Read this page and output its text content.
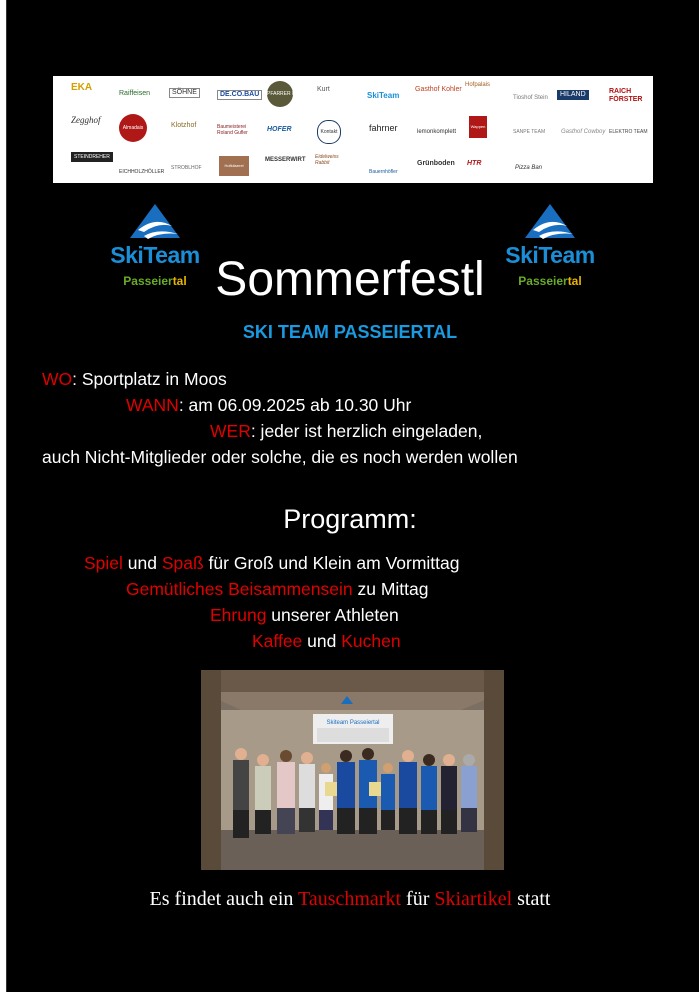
EKA
Raiffeisen	SÖHNE	DE.CO.BAU	PFARRER RECK
Kurt
SkiTeam
Gasthof Kohler
Hofpalais
Tioshof Stein	HILAND	RAICH FÖRSTER
Zegghof
Almadais	Klotzhof	Baumeisterei Roland Gufler	HOFER	Kontakt	fahrner	lemonkomplett
Wappen
SANPE TEAM	Gasthof Cowboy ELEKTRO TEAM
STEINDREHER
EICHHOLZHÖLLER
STROBLHOF	Hofkäserei
MESSERWIRT Eidelweiss Rabbit
Bauernhöfler
Grünboden HTR
Pizza Ban
SkiTeam
Passeiertal
SkiTeam
Passeiertal
Sommerfestl
SKI TEAM PASSEIERTAL
WO: Sportplatz in Moos
WANN: am 06.09.2025 ab 10.30 Uhr
WER: jeder ist herzlich eingeladen,
auch Nicht-Mitglieder oder solche, die es noch werden wollen
Programm:
Spiel und Spaß für Groß und Klein am Vormittag
Gemütliches Beisammensein zu Mittag
Ehrung unserer Athleten
Kaffee und Kuchen
Skiteam Passeiertal
Es findet auch ein Tauschmarkt für Skiartikel statt
